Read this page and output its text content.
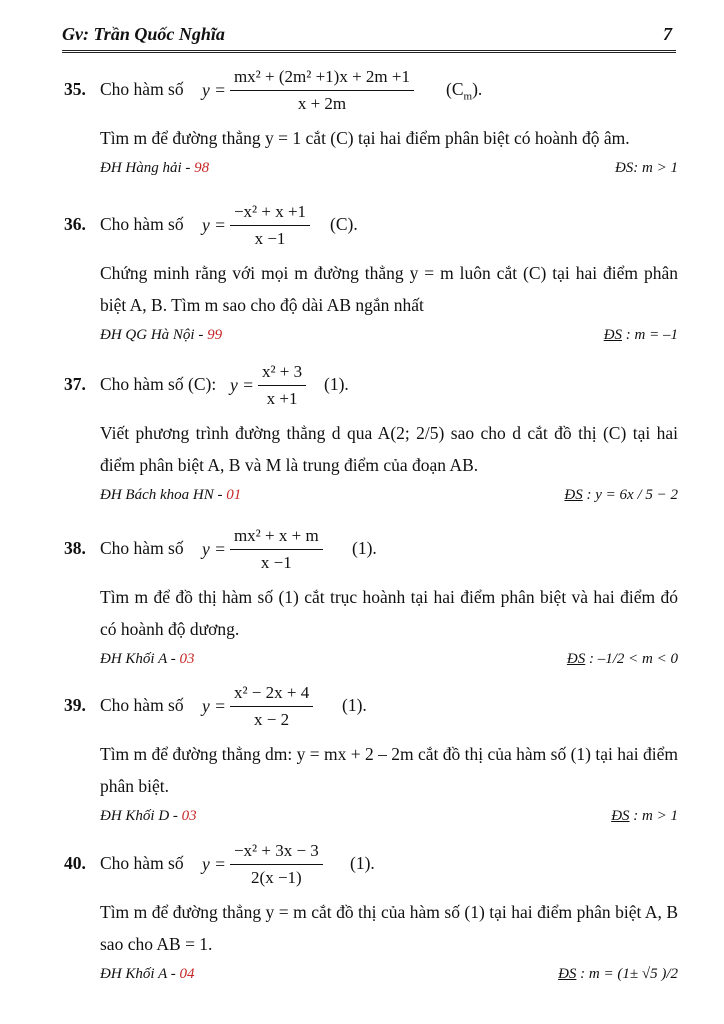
Gv: Trần Quốc Nghĩa	7
35. Cho hàm số $y = \frac{\text{mx² + (2m² +1)x + 2m +1}}{x + 2m} (C_m)$.
Tìm m để đường thẳng y = 1 cắt (C) tại hai điểm phân biệt có hoành độ âm.
ĐH Hàng hải - 98	ĐS: m > 1
36. Cho hàm số $y = \frac{\text{−x² + x +1}}{x -1} (C)$.
Chứng minh rằng với mọi m đường thẳng y = m luôn cắt (C) tại hai điểm phân biệt A, B. Tìm m sao cho độ dài AB ngắn nhất
ĐH QG Hà Nội - 99	ĐS : m = –1
37. Cho hàm số (C): $y = \frac{\text{x² + 3}}{x +1} (1)$.
Viết phương trình đường thẳng d qua A(2; 2/5) sao cho d cắt đồ thị (C) tại hai điểm phân biệt A, B và M là trung điểm của đoạn AB.
ĐH Bách khoa HN - 01	ĐS : y = 6x / 5 − 2
38. Cho hàm số $y = \frac{\text{mx² + x + m}}{x -1} (1)$.
Tìm m để đồ thị hàm số (1) cắt trục hoành tại hai điểm phân biệt và hai điểm đó có hoành độ dương.
ĐH Khối A - 03	ĐS : –1/2 < m < 0
39. Cho hàm số $y = \frac{\text{x² − 2x + 4}}{x - 2} (1)$.
Tìm m để đường thẳng dm: y = mx + 2 – 2m cắt đồ thị của hàm số (1) tại hai điểm phân biệt.
ĐH Khối D - 03	ĐS : m > 1
40. Cho hàm số $y = \frac{\text{−x² + 3x − 3}}{2(x -1)} (1)$.
Tìm m để đường thẳng y = m cắt đồ thị của hàm số (1) tại hai điểm phân biệt A, B sao cho AB = 1.
ĐH Khối A - 04	ĐS : m = (1± √5 )/2
